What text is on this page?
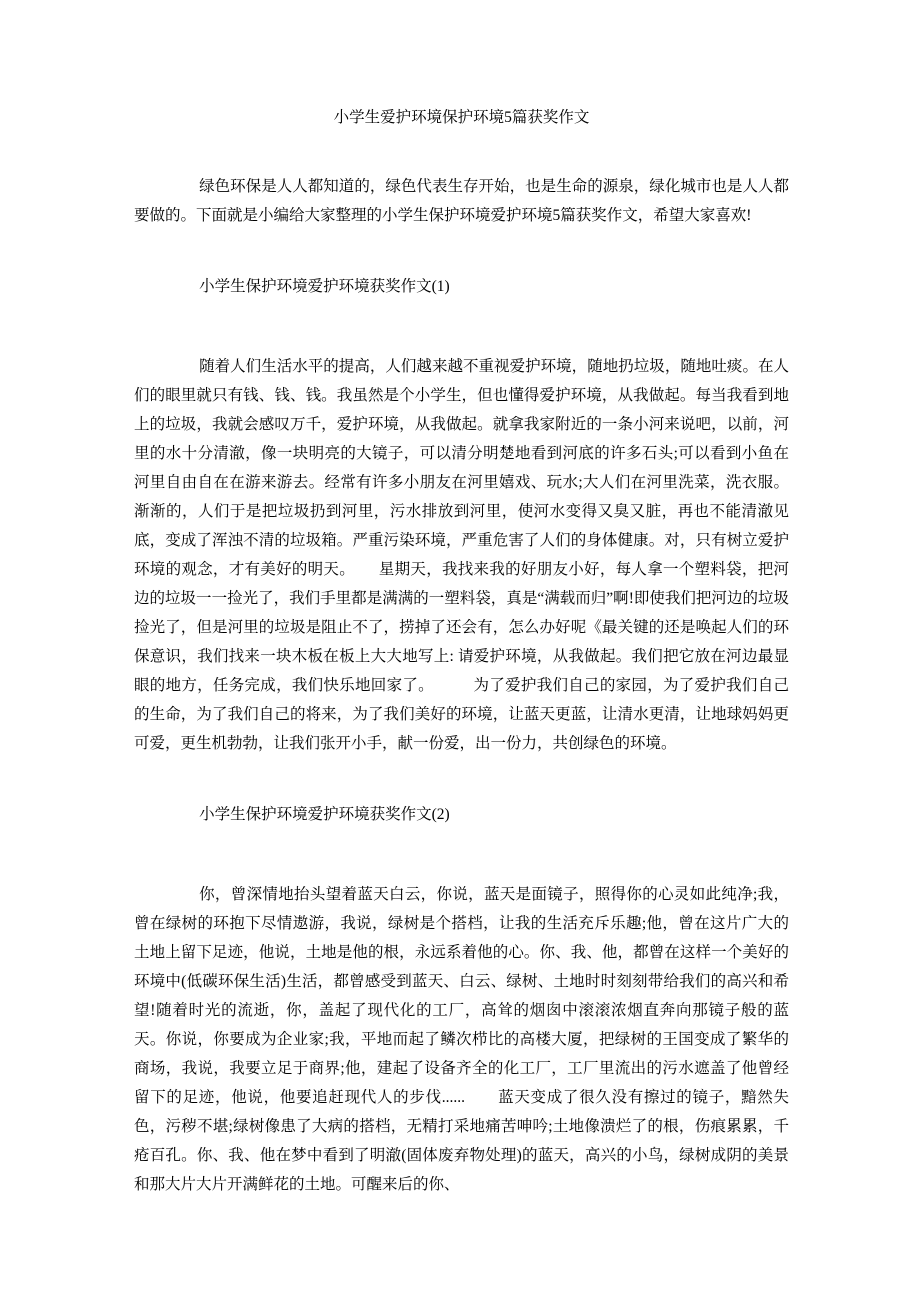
小学生爱护环境保护环境5篇获奖作文
绿色环保是人人都知道的，绿色代表生存开始，也是生命的源泉，绿化城市也是人人都要做的。下面就是小编给大家整理的小学生保护环境爱护环境5篇获奖作文，希望大家喜欢!
小学生保护环境爱护环境获奖作文(1)
随着人们生活水平的提高，人们越来越不重视爱护环境，随地扔垃圾，随地吐痰。在人们的眼里就只有钱、钱、钱。我虽然是个小学生，但也懂得爱护环境，从我做起。每当我看到地上的垃圾，我就会感叹万千，爱护环境，从我做起。就拿我家附近的一条小河来说吧，以前，河里的水十分清澈，像一块明亮的大镜子，可以清分明楚地看到河底的许多石头;可以看到小鱼在河里自由自在在游来游去。经常有许多小朋友在河里嬉戏、玩水;大人们在河里洗菜，洗衣服。渐渐的，人们于是把垃圾扔到河里，污水排放到河里，使河水变得又臭又脏，再也不能清澈见底，变成了浑浊不清的垃圾箱。严重污染环境，严重危害了人们的身体健康。对，只有树立爱护环境的观念，才有美好的明天。　　星期天，我找来我的好朋友小好，每人拿一个塑料袋，把河边的垃圾一一捡光了，我们手里都是满满的一塑料袋，真是“满载而归”啊!即使我们把河边的垃圾捡光了，但是河里的垃圾是阻止不了，捞掉了还会有，怎么办好呢《最关键的还是唤起人们的环保意识，我们找来一块木板在板上大大地写上: 请爱护环境，从我做起。我们把它放在河边最显眼的地方，任务完成，我们快乐地回家了。　　　为了爱护我们自己的家园，为了爱护我们自己的生命，为了我们自己的将来，为了我们美好的环境，让蓝天更蓝，让清水更清，让地球妈妈更可爱，更生机勃勃，让我们张开小手，献一份爱，出一份力，共创绿色的环境。
小学生保护环境爱护环境获奖作文(2)
你，曾深情地抬头望着蓝天白云，你说，蓝天是面镜子，照得你的心灵如此纯净;我，曾在绿树的环抱下尽情遨游，我说，绿树是个搭档，让我的生活充斥乐趣;他，曾在这片广大的土地上留下足迹，他说，土地是他的根，永远系着他的心。你、我、他，都曾在这样一个美好的环境中(低碳环保生活)生活，都曾感受到蓝天、白云、绿树、土地时时刻刻带给我们的高兴和希望!随着时光的流逝，你，盖起了现代化的工厂，高耸的烟囱中滚滚浓烟直奔向那镜子般的蓝天。你说，你要成为企业家;我，平地而起了鳞次栉比的高楼大厦，把绿树的王国变成了繁华的商场，我说，我要立足于商界;他，建起了设备齐全的化工厂，工厂里流出的污水遮盖了他曾经留下的足迹，他说，他要追赶现代人的步伐......　　蓝天变成了很久没有擦过的镜子，黯然失色，污秽不堪;绿树像患了大病的搭档，无精打采地痛苦呻吟;土地像溃烂了的根，伤痕累累，千疮百孔。你、我、他在梦中看到了明澈(固体废弃物处理)的蓝天，高兴的小鸟，绿树成阴的美景和那大片大片开满鲜花的土地。可醒来后的你、
